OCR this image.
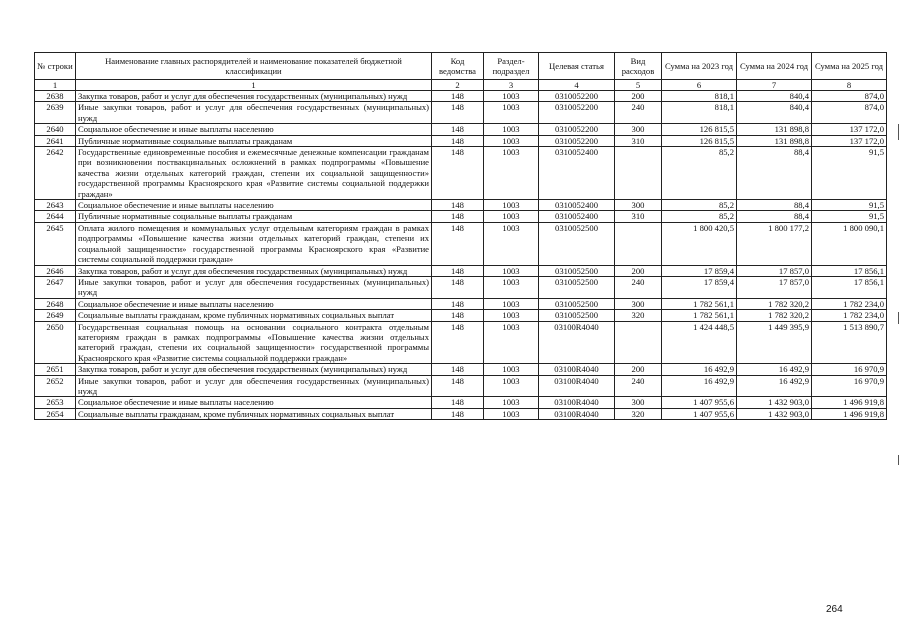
№ строки	Наименование главных распорядителей и наименование показателей бюджетной классификации	Код ведомства	Раздел-подраздел	Целевая статья	Вид расходов	Сумма на 2023 год	Сумма на 2024 год	Сумма на 2025 год
1	1	2	3	4	5	6	7	8
2638	Закупка товаров, работ и услуг для обеспечения государственных (муниципальных) нужд	148	1003	0310052200	200	818,1	840,4	874,0
2639	Иные закупки товаров, работ и услуг для обеспечения государственных (муниципальных) нужд	148	1003	0310052200	240	818,1	840,4	874,0
2640	Социальное обеспечение и иные выплаты населению	148	1003	0310052200	300	126 815,5	131 898,8	137 172,0
2641	Публичные нормативные социальные выплаты гражданам	148	1003	0310052200	310	126 815,5	131 898,8	137 172,0
2642	Государственные единовременные пособия и ежемесячные денежные компенсации гражданам при возникновении поствакцинальных осложнений в рамках подпрограммы «Повышение качества жизни отдельных категорий граждан, степени их социальной защищенности» государственной программы Красноярского края «Развитие системы социальной поддержки граждан»	148	1003	0310052400		85,2	88,4	91,5
2643	Социальное обеспечение и иные выплаты населению	148	1003	0310052400	300	85,2	88,4	91,5
2644	Публичные нормативные социальные выплаты гражданам	148	1003	0310052400	310	85,2	88,4	91,5
2645	Оплата жилого помещения и коммунальных услуг отдельным категориям граждан в рамках подпрограммы «Повышение качества жизни отдельных категорий граждан, степени их социальной защищенности» государственной программы Красноярского края «Развитие системы социальной поддержки граждан»	148	1003	0310052500		1 800 420,5	1 800 177,2	1 800 090,1
2646	Закупка товаров, работ и услуг для обеспечения государственных (муниципальных) нужд	148	1003	0310052500	200	17 859,4	17 857,0	17 856,1
2647	Иные закупки товаров, работ и услуг для обеспечения государственных (муниципальных) нужд	148	1003	0310052500	240	17 859,4	17 857,0	17 856,1
2648	Социальное обеспечение и иные выплаты населению	148	1003	0310052500	300	1 782 561,1	1 782 320,2	1 782 234,0
2649	Социальные выплаты гражданам, кроме публичных нормативных социальных выплат	148	1003	0310052500	320	1 782 561,1	1 782 320,2	1 782 234,0
2650	Государственная социальная помощь на основании социального контракта отдельным категориям граждан в рамках подпрограммы «Повышение качества жизни отдельных категорий граждан, степени их социальной защищенности» государственной программы Красноярского края «Развитие системы социальной поддержки граждан»	148	1003	03100R4040		1 424 448,5	1 449 395,9	1 513 890,7
2651	Закупка товаров, работ и услуг для обеспечения государственных (муниципальных) нужд	148	1003	03100R4040	200	16 492,9	16 492,9	16 970,9
2652	Иные закупки товаров, работ и услуг для обеспечения государственных (муниципальных) нужд	148	1003	03100R4040	240	16 492,9	16 492,9	16 970,9
2653	Социальное обеспечение и иные выплаты населению	148	1003	03100R4040	300	1 407 955,6	1 432 903,0	1 496 919,8
2654	Социальные выплаты гражданам, кроме публичных нормативных социальных выплат	148	1003	03100R4040	320	1 407 955,6	1 432 903,0	1 496 919,8
264
